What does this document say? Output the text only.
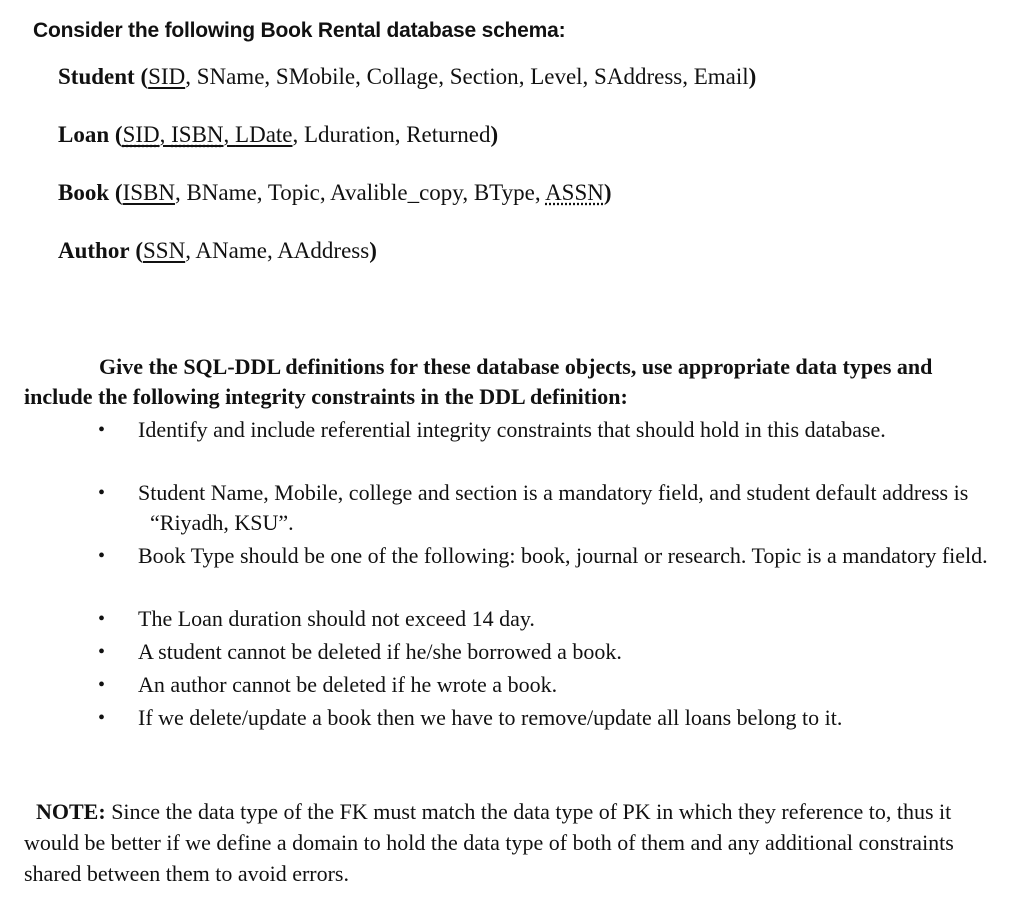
Consider the following Book Rental database schema:
Student (SID, SName, SMobile, Collage, Section, Level, SAddress, Email)
Loan (SID, ISBN, LDate, Lduration, Returned)
Book (ISBN, BName, Topic, Avalible_copy, BType, ASSN)
Author (SSN, AName, AAddress)
Give the SQL-DDL definitions for these database objects, use appropriate data types and include the following integrity constraints in the DDL definition:
• Identify and include referential integrity constraints that should hold in this database.
• Student Name, Mobile, college and section is a mandatory field, and student default address is “Riyadh, KSU”.
• Book Type should be one of the following: book, journal or research. Topic is a mandatory field.
• The Loan duration should not exceed 14 day.
• A student cannot be deleted if he/she borrowed a book.
• An author cannot be deleted if he wrote a book.
• If we delete/update a book then we have to remove/update all loans belong to it.
NOTE: Since the data type of the FK must match the data type of PK in which they reference to, thus it would be better if we define a domain to hold the data type of both of them and any additional constraints shared between them to avoid errors.
